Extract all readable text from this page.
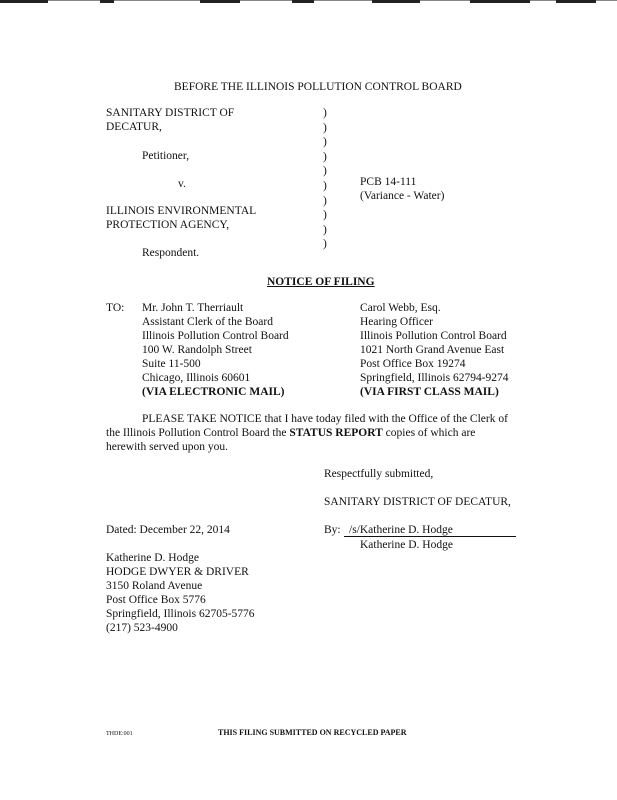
BEFORE THE ILLINOIS POLLUTION CONTROL BOARD
SANITARY DISTRICT OF
DECATUR,
Petitioner,
v.
ILLINOIS ENVIRONMENTAL
PROTECTION AGENCY,
Respondent.
)
)
)
)
)
)
)
)
)
)
PCB 14-111
(Variance - Water)
NOTICE OF FILING
TO: Mr. John T. Therriault
Assistant Clerk of the Board
Illinois Pollution Control Board
100 W. Randolph Street
Suite 11-500
Chicago, Illinois 60601
(VIA ELECTRONIC MAIL)
Carol Webb, Esq.
Hearing Officer
Illinois Pollution Control Board
1021 North Grand Avenue East
Post Office Box 19274
Springfield, Illinois 62794-9274
(VIA FIRST CLASS MAIL)
PLEASE TAKE NOTICE that I have today filed with the Office of the Clerk of
the Illinois Pollution Control Board the STATUS REPORT copies of which are
herewith served upon you.
Respectfully submitted,
SANITARY DISTRICT OF DECATUR,
Dated: December 22, 2014	By: /s/Katherine D. Hodge
Katherine D. Hodge
Katherine D. Hodge
HODGE DWYER & DRIVER
3150 Roland Avenue
Post Office Box 5776
Springfield, Illinois 62705-5776
(217) 523-4900
THDE:001	THIS FILING SUBMITTED ON RECYCLED PAPER
